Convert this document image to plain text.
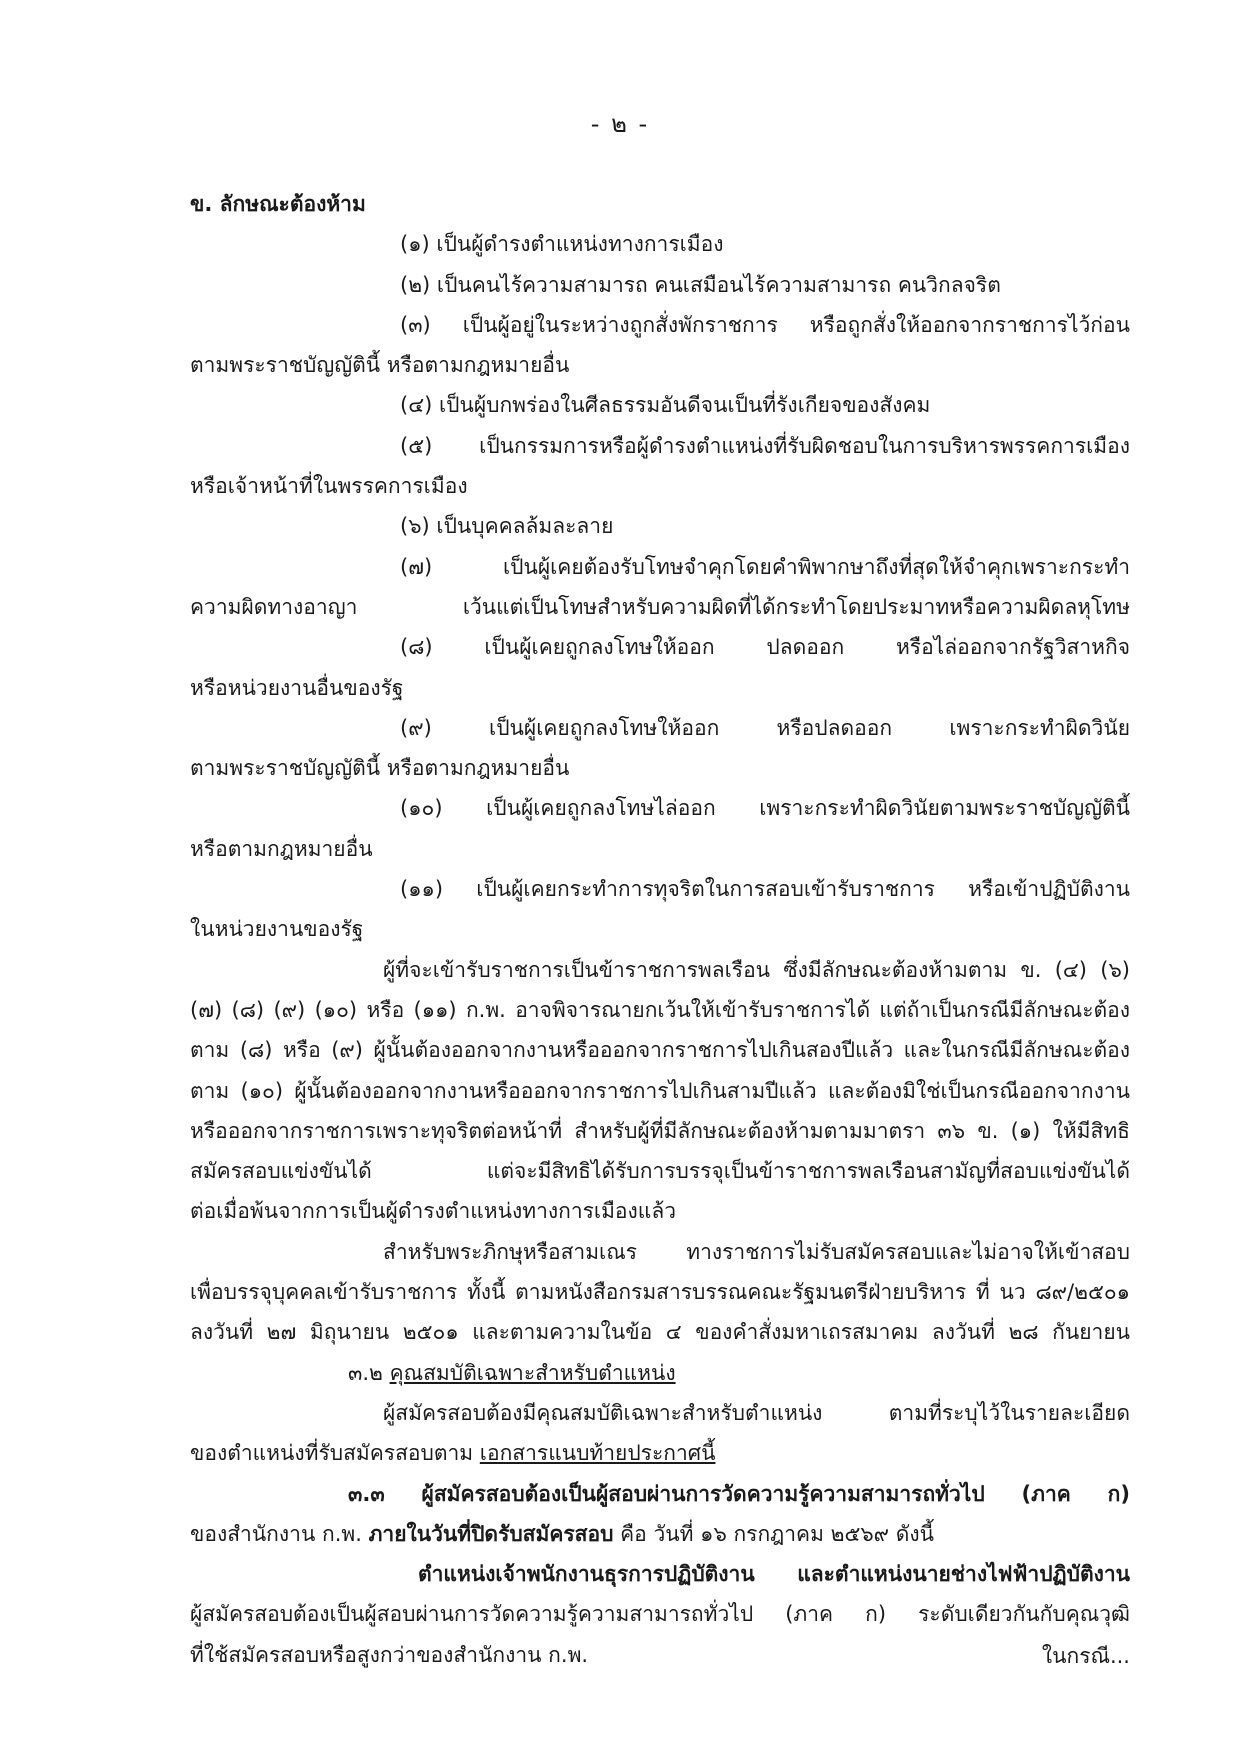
- ๒ -
ข. ลักษณะต้องห้าม
(๑) เป็นผู้ดำรงตำแหน่งทางการเมือง
(๒) เป็นคนไร้ความสามารถ คนเสมือนไร้ความสามารถ คนวิกลจริต
(๓) เป็นผู้อยู่ในระหว่างถูกสั่งพักราชการ หรือถูกสั่งให้ออกจากราชการไว้ก่อน
ตามพระราชบัญญัตินี้ หรือตามกฎหมายอื่น
(๔) เป็นผู้บกพร่องในศีลธรรมอันดีจนเป็นที่รังเกียจของสังคม
(๕) เป็นกรรมการหรือผู้ดำรงตำแหน่งที่รับผิดชอบในการบริหารพรรคการเมือง
หรือเจ้าหน้าที่ในพรรคการเมือง
(๖) เป็นบุคคลล้มละลาย
(๗) เป็นผู้เคยต้องรับโทษจำคุกโดยคำพิพากษาถึงที่สุดให้จำคุกเพราะกระทำ
ความผิดทางอาญา เว้นแต่เป็นโทษสำหรับความผิดที่ได้กระทำโดยประมาทหรือความผิดลหุโทษ
(๘) เป็นผู้เคยถูกลงโทษให้ออก ปลดออก หรือไล่ออกจากรัฐวิสาหกิจ
หรือหน่วยงานอื่นของรัฐ
(๙) เป็นผู้เคยถูกลงโทษให้ออก หรือปลดออก เพราะกระทำผิดวินัย
ตามพระราชบัญญัตินี้ หรือตามกฎหมายอื่น
(๑๐) เป็นผู้เคยถูกลงโทษไล่ออก เพราะกระทำผิดวินัยตามพระราชบัญญัตินี้
หรือตามกฎหมายอื่น
(๑๑) เป็นผู้เคยกระทำการทุจริตในการสอบเข้ารับราชการ หรือเข้าปฏิบัติงาน
ในหน่วยงานของรัฐ
ผู้ที่จะเข้ารับราชการเป็นข้าราชการพลเรือน ซึ่งมีลักษณะต้องห้ามตาม ข. (๔) (๖)
(๗) (๘) (๙) (๑๐) หรือ (๑๑) ก.พ. อาจพิจารณายกเว้นให้เข้ารับราชการได้ แต่ถ้าเป็นกรณีมีลักษณะต้อง
ตาม (๘) หรือ (๙) ผู้นั้นต้องออกจากงานหรือออกจากราชการไปเกินสองปีแล้ว และในกรณีมีลักษณะต้อง
ตาม (๑๐) ผู้นั้นต้องออกจากงานหรือออกจากราชการไปเกินสามปีแล้ว และต้องมิใช่เป็นกรณีออกจากงาน
หรือออกจากราชการเพราะทุจริตต่อหน้าที่ สำหรับผู้ที่มีลักษณะต้องห้ามตามมาตรา ๓๖ ข. (๑) ให้มีสิทธิ
สมัครสอบแข่งขันได้ แต่จะมีสิทธิได้รับการบรรจุเป็นข้าราชการพลเรือนสามัญที่สอบแข่งขันได้
ต่อเมื่อพ้นจากการเป็นผู้ดำรงตำแหน่งทางการเมืองแล้ว
สำหรับพระภิกษุหรือสามเณร ทางราชการไม่รับสมัครสอบและไม่อาจให้เข้าสอบ
เพื่อบรรจุบุคคลเข้ารับราชการ ทั้งนี้ ตามหนังสือกรมสารบรรณคณะรัฐมนตรีฝ่ายบริหาร ที่ นว ๘๙/๒๕๐๑
ลงวันที่ ๒๗ มิถุนายน ๒๕๐๑ และตามความในข้อ ๔ ของคำสั่งมหาเถรสมาคม ลงวันที่ ๒๘ กันยายน
๓.๒ คุณสมบัติเฉพาะสำหรับตำแหน่ง
ผู้สมัครสอบต้องมีคุณสมบัติเฉพาะสำหรับตำแหน่ง ตามที่ระบุไว้ในรายละเอียด
ของตำแหน่งที่รับสมัครสอบตาม เอกสารแนบท้ายประกาศนี้
๓.๓ ผู้สมัครสอบต้องเป็นผู้สอบผ่านการวัดความรู้ความสามารถทั่วไป (ภาค ก)
ของสำนักงาน ก.พ. ภายในวันที่ปิดรับสมัครสอบ คือ วันที่ ๑๖ กรกฎาคม ๒๕๖๙ ดังนี้
ตำแหน่งเจ้าพนักงานธุรการปฏิบัติงาน และตำแหน่งนายช่างไฟฟ้าปฏิบัติงาน
ผู้สมัครสอบต้องเป็นผู้สอบผ่านการวัดความรู้ความสามารถทั่วไป (ภาค ก) ระดับเดียวกันกับคุณวุฒิ
ที่ใช้สมัครสอบหรือสูงกว่าของสำนักงาน ก.พ.	ในกรณี...
